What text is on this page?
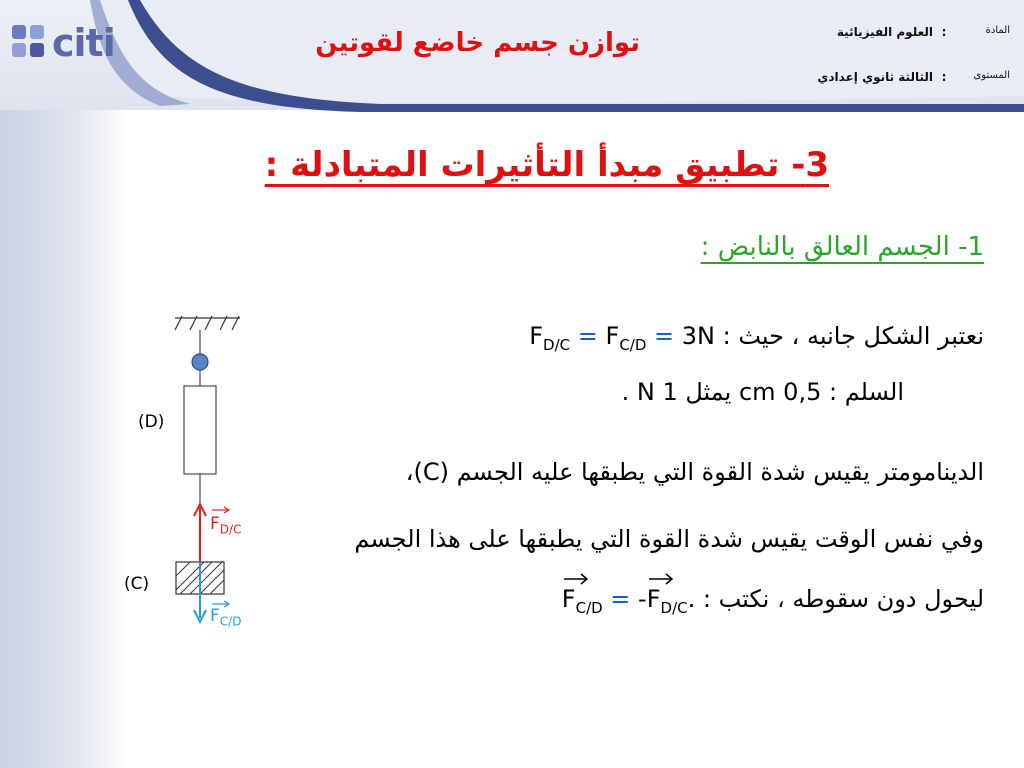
citi	توازن جسم خاضع لقوتين	المادة
:
العلوم الفيزيائية
المستوى
:
الثالثة ثانوي إعدادي
3- تطبيق مبدأ التأثيرات المتبادلة :
1- الجسم العالق بالنابض :
نعتبر الشكل جانبه ، حيث : $F_{D/C} = F_{C/D} = 3N$
السلم : 0,5 cm يمثل 1 N .
الدينامومتر يقيس شدة القوة التي يطبقها عليه الجسم (C)،
وفي نفس الوقت يقيس شدة القوة التي يطبقها على هذا الجسم
ليحول دون سقوطه ، نكتب :
$F_{C/D}$ = -
$F_{D/C}$.
(D)
(C)
$F_{D/C}$
$F_{C/D}$
